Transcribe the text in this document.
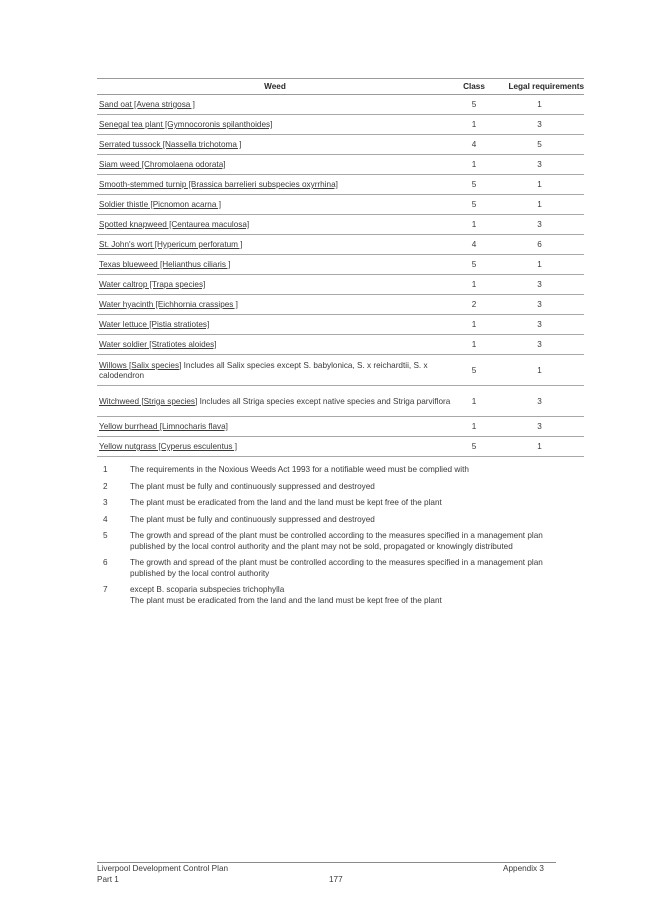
Weed	Class	Legal requirements
Sand oat [Avena strigosa ]	5	1
Senegal tea plant [Gymnocoronis spilanthoides]	1	3
Serrated tussock [Nassella trichotoma ]	4	5
Siam weed [Chromolaena odorata]	1	3
Smooth-stemmed turnip [Brassica barrelieri subspecies oxyrrhina]	5	1
Soldier thistle [Picnomon acarna ]	5	1
Spotted knapweed [Centaurea maculosa]	1	3
St. John's wort [Hypericum perforatum ]	4	6
Texas blueweed [Helianthus ciliaris ]	5	1
Water caltrop [Trapa species]	1	3
Water hyacinth [Eichhornia crassipes ]	2	3
Water lettuce [Pistia stratiotes]	1	3
Water soldier [Stratiotes aloides]	1	3
Willows [Salix species] Includes all Salix species except S. babylonica, S. x reichardtii, S. x calodendron	5	1
Witchweed [Striga species] Includes all Striga species except native species and Striga parviflora	1	3
Yellow burrhead [Limnocharis flava]	1	3
Yellow nutgrass [Cyperus esculentus ]	5	1
1	The requirements in the Noxious Weeds Act 1993 for a notifiable weed must be complied with
2	The plant must be fully and continuously suppressed and destroyed
3	The plant must be eradicated from the land and the land must be kept free of the plant
4	The plant must be fully and continuously suppressed and destroyed
5	The growth and spread of the plant must be controlled according to the measures specified in a management plan published by the local control authority and the plant may not be sold, propagated or knowingly distributed
6	The growth and spread of the plant must be controlled according to the measures specified in a management plan published by the local control authority
7	except B. scoparia subspecies trichophylla
The plant must be eradicated from the land and the land must be kept free of the plant
Liverpool Development Control Plan	Appendix 3
Part 1	177
